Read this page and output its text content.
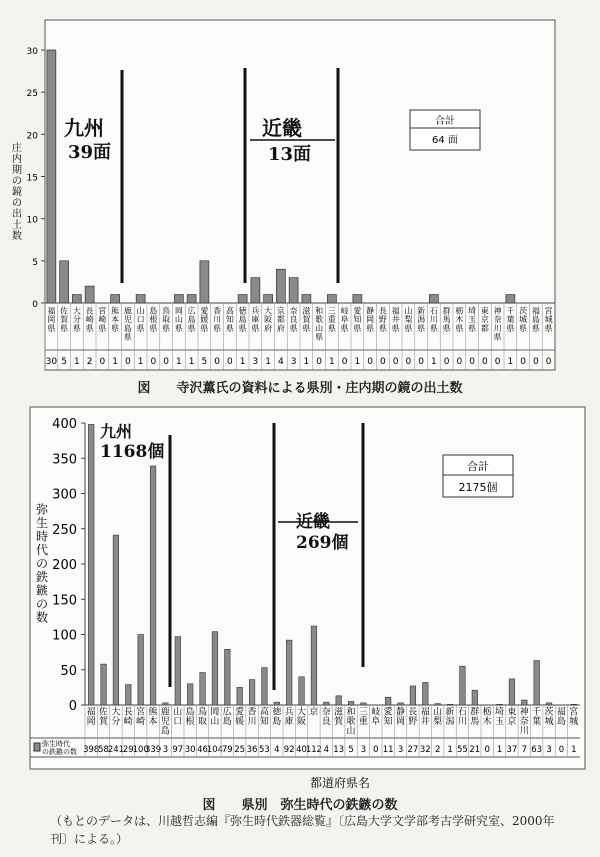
0
5
10
15
20
25
30
庄
内
期
の
鏡
の
出
土
数
福
岡
県
30
佐
賀
県
5
大
分
県
1
長
崎
県
2
宮
崎
県
0
熊
本
県
1
鹿
児
島
県
0
山
口
県
1
島
根
県
0
鳥
取
県
0
岡
山
県
1
広
島
県
1
愛
媛
県
5
香
川
県
0
高
知
県
0
徳
島
県
1
兵
庫
県
3
大
阪
府
1
京
都
府
4
奈
良
県
3
滋
賀
県
1
和
歌
山
県
0
三
重
県
1
岐
阜
県
0
愛
知
県
1
静
岡
県
0
長
野
県
0
福
井
県
0
山
梨
県
0
新
潟
県
0
石
川
県
1
群
馬
県
0
栃
木
県
0
埼
玉
県
0
東
京
都
0
神
奈
川
県
0
千
葉
県
1
茨
城
県
0
福
島
県
0
宮
城
県
0
合計
64 面
九州
39面
近畿
13面
図　　寺沢薫氏の資料による県別・庄内期の鏡の出土数
0
50
100
150
200
250
300
350
400
弥
生
時
代
の
鉄
鏃
の
数
弥生時代
の鉄鏃の数
福
岡
398
佐
賀
58
大
分
241
長
崎
29
宮
崎
100
熊
本
339
鹿
児
島
3
山
口
97
島
根
30
鳥
取
46
岡
山
104
広
島
79
愛
媛
25
香
川
36
高
知
53
徳
島
4
兵
庫
92
大
阪
40
京
112
奈
良
4
滋
賀
13
和
歌
山
5
三
重
3
岐
阜
0
愛
知
11
静
岡
3
長
野
27
福
井
32
山
梨
2
新
潟
1
石
川
55
群
馬
21
栃
木
0
埼
玉
1
東
京
37
神
奈
川
7
千
葉
63
茨
城
3
福
島
0
宮
城
1
都道府県名
合計
2175個
九州
1168個
近畿
269個
図　　県別　弥生時代の鉄鏃の数
（もとのデータは、川越哲志編『弥生時代鉄器総覧』〔広島大学文学部考古学研究室、2000年刊〕による。）
